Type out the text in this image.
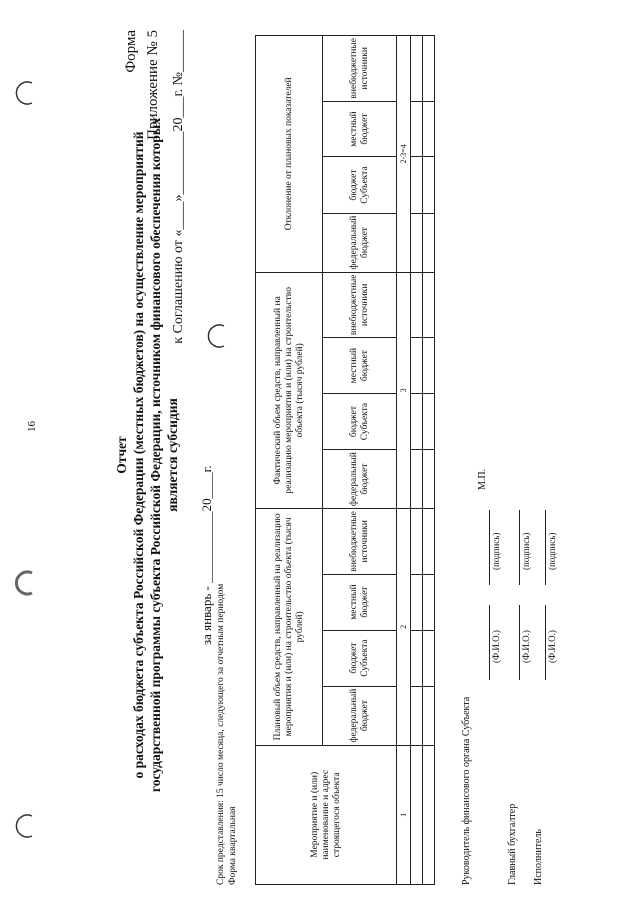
16
Форма Приложение № 5 к Соглашению от «____»_________20___г. №______
Отчет о расходах бюджета субъекта Российской Федерации (местных бюджетов) на осуществление мероприятий государственной программы субъекта Российской Федерации, источником финансового обеспечения которых является субсидия
за январь - ___________20____г.
Срок представления: 15 число месяца, следующего за отчетным периодом Форма квартальная	Мероприятие и (или) наименование и адрес строящегося объекта	Плановый объем средств, направленный на реализацию мероприятия и (или) на строительство объекта (тысяч рублей)				Фактический объем средств, направленный на реализацию мероприятия и (или) на строительство объекта (тысяч рублей)				Отклонение от плановых показателей			
	федеральный бюджет	бюджет Субъекта	местный бюджет	внебюджетные источники	федеральный бюджет	бюджет Субъекта	местный бюджет	внебюджетные источники	федеральный бюджет	бюджет Субъекта	местный бюджет	внебюджетные источники
1	2				3				2-3=4			

Руководитель финансового органа Субъекта
(Ф.И.О.)
(подпись)
М.П.
Главный бухгалтер
(Ф.И.О.)
(подпись)
Исполнитель
(Ф.И.О.)
(подпись)
